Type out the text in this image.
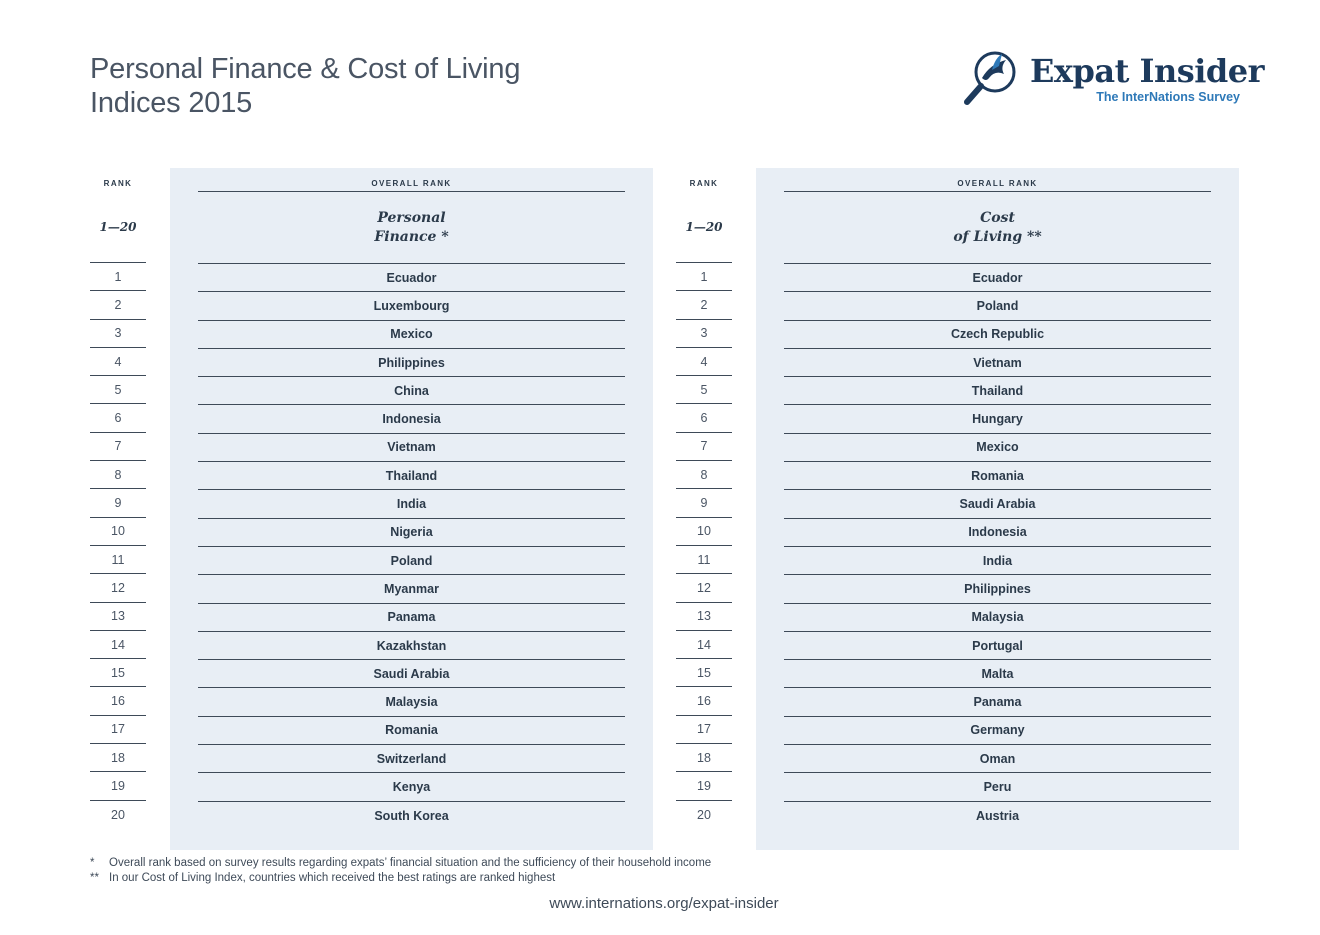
Personal Finance & Cost of Living
Indices 2015
Expat Insider
The InterNations Survey
RANK
1—20
1
2
3
4
5
6
7
8
9
10
11
12
13
14
15
16
17
18
19
20
OVERALL RANK
Personal
Finance *
Ecuador
Luxembourg
Mexico
Philippines
China
Indonesia
Vietnam
Thailand
India
Nigeria
Poland
Myanmar
Panama
Kazakhstan
Saudi Arabia
Malaysia
Romania
Switzerland
Kenya
South Korea
RANK
1—20
1
2
3
4
5
6
7
8
9
10
11
12
13
14
15
16
17
18
19
20
OVERALL RANK
Cost
of Living **
Ecuador
Poland
Czech Republic
Vietnam
Thailand
Hungary
Mexico
Romania
Saudi Arabia
Indonesia
India
Philippines
Malaysia
Portugal
Malta
Panama
Germany
Oman
Peru
Austria
*	Overall rank based on survey results regarding expats’ financial situation and the sufficiency of their household income
** In our Cost of Living Index, countries which received the best ratings are ranked highest
www.internations.org/expat-insider
